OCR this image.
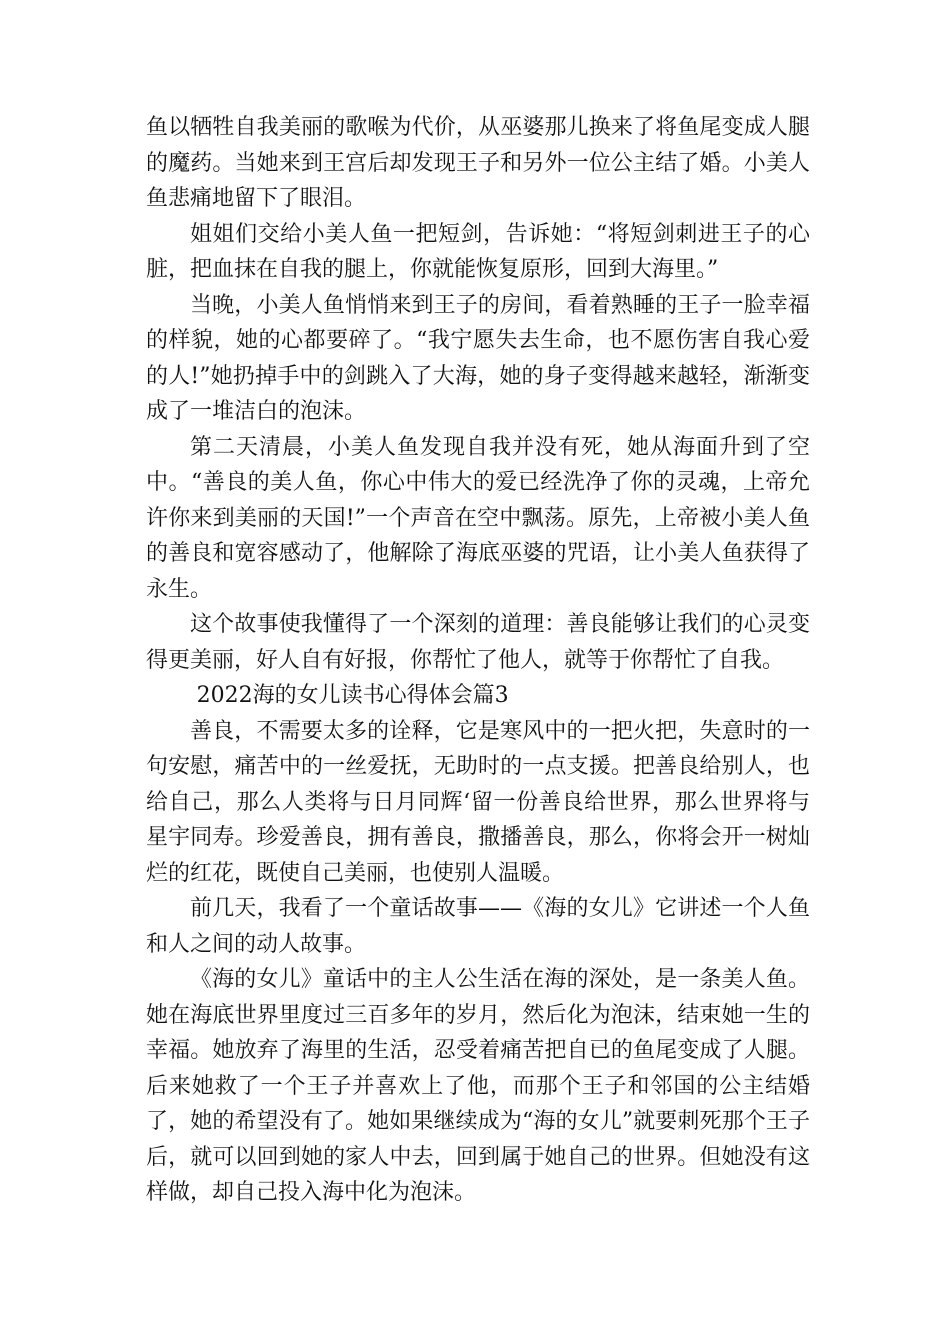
鱼以牺牲自我美丽的歌喉为代价，从巫婆那儿换来了将鱼尾变成人腿的魔药。当她来到王宫后却发现王子和另外一位公主结了婚。小美人鱼悲痛地留下了眼泪。

姐姐们交给小美人鱼一把短剑，告诉她：“将短剑刺进王子的心脏，把血抹在自我的腿上，你就能恢复原形，回到大海里。”

当晚，小美人鱼悄悄来到王子的房间，看着熟睡的王子一脸幸福的样貌，她的心都要碎了。“我宁愿失去生命，也不愿伤害自我心爱的人!”她扔掉手中的剑跳入了大海，她的身子变得越来越轻，渐渐变成了一堆洁白的泡沫。

第二天清晨，小美人鱼发现自我并没有死，她从海面升到了空中。“善良的美人鱼，你心中伟大的爱已经洗净了你的灵魂，上帝允许你来到美丽的天国!”一个声音在空中飘荡。原先，上帝被小美人鱼的善良和宽容感动了，他解除了海底巫婆的咒语，让小美人鱼获得了永生。

这个故事使我懂得了一个深刻的道理：善良能够让我们的心灵变得更美丽，好人自有好报，你帮忙了他人，就等于你帮忙了自我。

2022海的女儿读书心得体会篇3

善良，不需要太多的诠释，它是寒风中的一把火把，失意时的一句安慰，痛苦中的一丝爱抚，无助时的一点支援。把善良给别人，也给自己，那么人类将与日月同辉‘留一份善良给世界，那么世界将与星宇同寿。珍爱善良，拥有善良，撒播善良，那么，你将会开一树灿烂的红花，既使自己美丽，也使别人温暖。

前几天，我看了一个童话故事——《海的女儿》它讲述一个人鱼和人之间的动人故事。

《海的女儿》童话中的主人公生活在海的深处，是一条美人鱼。她在海底世界里度过三百多年的岁月，然后化为泡沫，结束她一生的幸福。她放弃了海里的生活，忍受着痛苦把自已的鱼尾变成了人腿。后来她救了一个王子并喜欢上了他，而那个王子和邻国的公主结婚了，她的希望没有了。她如果继续成为“海的女儿”就要刺死那个王子后，就可以回到她的家人中去，回到属于她自己的世界。但她没有这样做，却自己投入海中化为泡沫。
